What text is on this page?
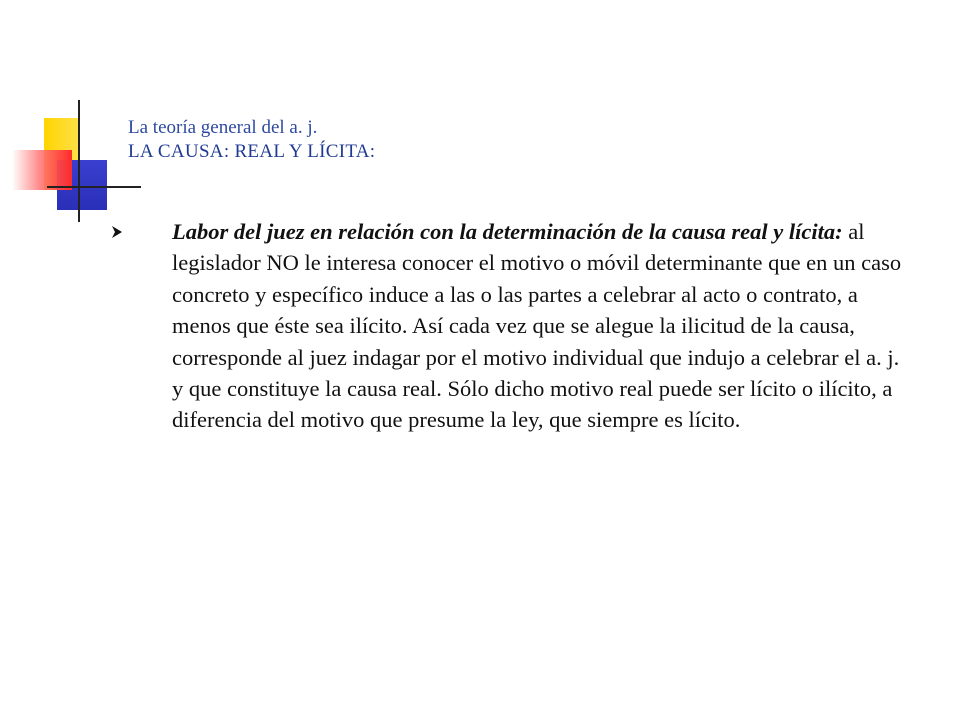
La teoría general del a. j.
LA CAUSA: REAL Y LÍCITA:
Labor del juez en relación con la determinación de la causa real y lícita: al legislador NO le interesa conocer el motivo o móvil determinante que en un caso concreto y específico induce a las o las partes a celebrar al acto o contrato, a menos que éste sea ilícito. Así cada vez que se alegue la ilicitud de la causa, corresponde al juez indagar por el motivo individual que indujo a celebrar el a. j. y que constituye la causa real. Sólo dicho motivo real puede ser lícito o ilícito, a diferencia del motivo que presume la ley, que siempre es lícito.
